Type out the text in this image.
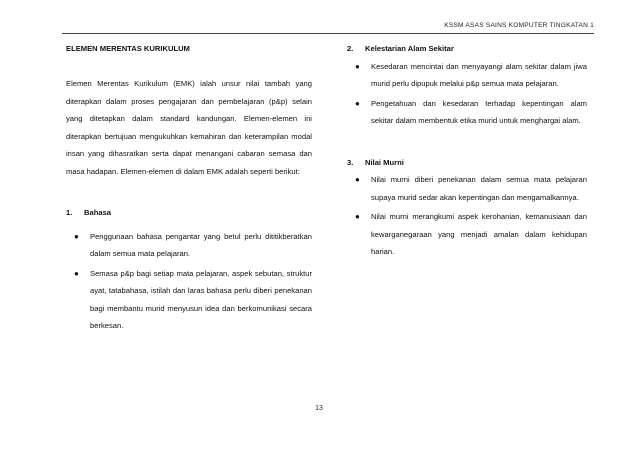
KSSM ASAS SAINS KOMPUTER TINGKATAN 1

ELEMEN MERENTAS KURIKULUM

Elemen Merentas Kurikulum (EMK) ialah unsur nilai tambah yang diterapkan dalam proses pengajaran dan pembelajaran (p&p) selain yang ditetapkan dalam standard kandungan. Elemen-elemen ini diterapkan bertujuan mengukuhkan kemahiran dan keterampilan modal insan yang dihasratkan serta dapat menangani cabaran semasa dan masa hadapan. Elemen-elemen di dalam EMK adalah seperti berikut:

1. Bahasa

● Penggunaan bahasa pengantar yang betul perlu dititikberatkan dalam semua mata pelajaran.
● Semasa p&p bagi setiap mata pelajaran, aspek sebutan, struktur ayat, tatabahasa, istilah dan laras bahasa perlu diberi penekanan bagi membantu murid menyusun idea dan berkomunikasi secara berkesan.

2. Kelestarian Alam Sekitar

● Kesedaran mencintai dan menyayangi alam sekitar dalam jiwa murid perlu dipupuk melalui p&p semua mata pelajaran.
● Pengetahuan dan kesedaran terhadap kepentingan alam sekitar dalam membentuk etika murid untuk menghargai alam.

3. Nilai Murni

● Nilai murni diberi penekanan dalam semua mata pelajaran supaya murid sedar akan kepentingan dan mengamalkannya.
● Nilai murni merangkumi aspek kerohanian, kemanusiaan dan kewarganegaraan yang menjadi amalan dalam kehidupan harian.
13
